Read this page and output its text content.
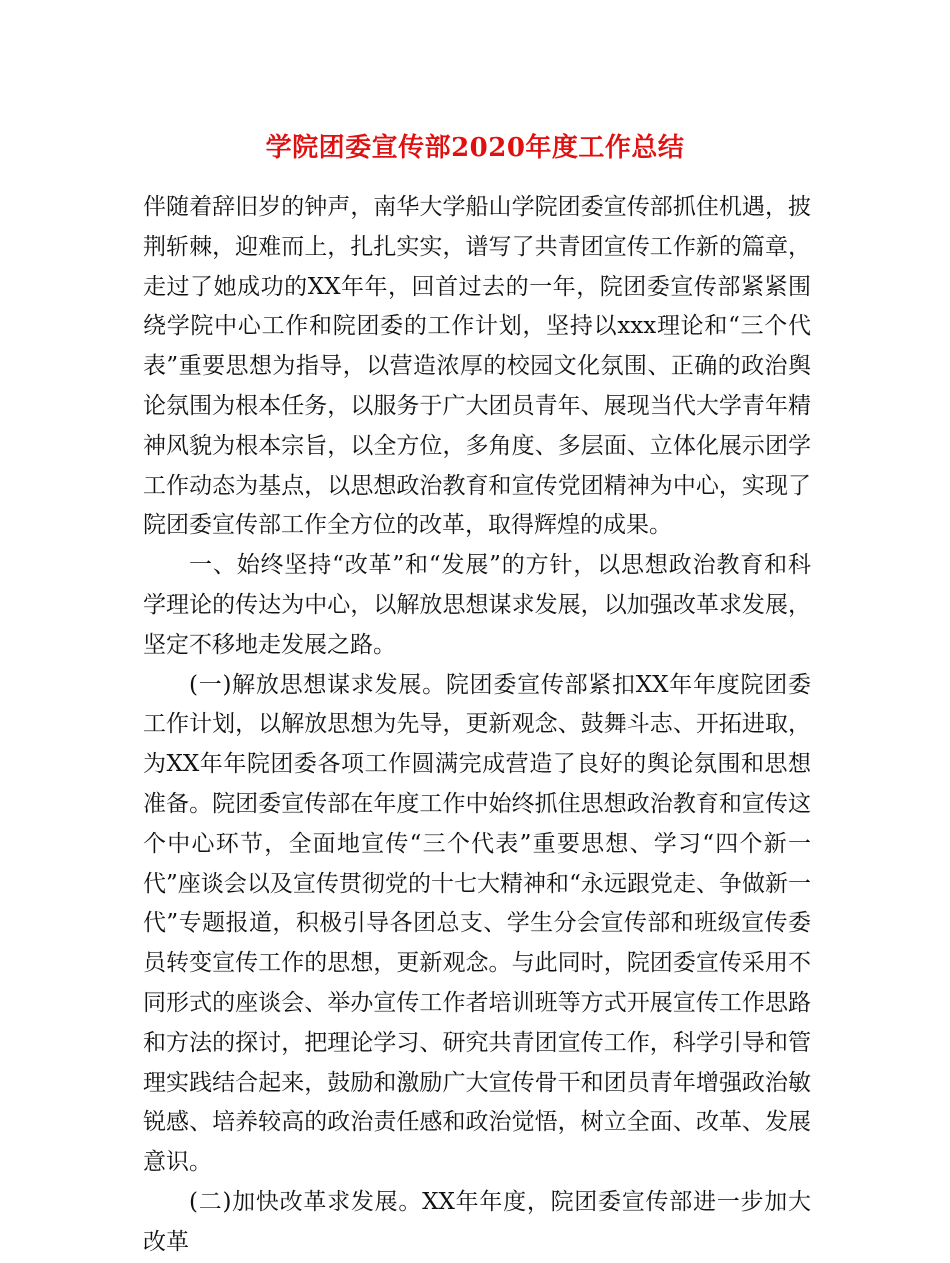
学院团委宣传部2020年度工作总结

伴随着辞旧岁的钟声，南华大学船山学院团委宣传部抓住机遇，披荆斩棘，迎难而上，扎扎实实，谱写了共青团宣传工作新的篇章，走过了她成功的XX年年，回首过去的一年，院团委宣传部紧紧围绕学院中心工作和院团委的工作计划，坚持以xxx理论和“三个代表”重要思想为指导，以营造浓厚的校园文化氛围、正确的政治舆论氛围为根本任务，以服务于广大团员青年、展现当代大学青年精神风貌为根本宗旨，以全方位，多角度、多层面、立体化展示团学工作动态为基点，以思想政治教育和宣传党团精神为中心，实现了院团委宣传部工作全方位的改革，取得辉煌的成果。

一、始终坚持“改革”和“发展”的方针，以思想政治教育和科学理论的传达为中心，以解放思想谋求发展，以加强改革求发展，坚定不移地走发展之路。

(一)解放思想谋求发展。院团委宣传部紧扣XX年年度院团委工作计划，以解放思想为先导，更新观念、鼓舞斗志、开拓进取，为XX年年院团委各项工作圆满完成营造了良好的舆论氛围和思想准备。院团委宣传部在年度工作中始终抓住思想政治教育和宣传这个中心环节，全面地宣传“三个代表”重要思想、学习“四个新一代”座谈会以及宣传贯彻党的十七大精神和“永远跟党走、争做新一代”专题报道，积极引导各团总支、学生分会宣传部和班级宣传委员转变宣传工作的思想，更新观念。与此同时，院团委宣传采用不同形式的座谈会、举办宣传工作者培训班等方式开展宣传工作思路和方法的探讨，把理论学习、研究共青团宣传工作，科学引导和管理实践结合起来，鼓励和激励广大宣传骨干和团员青年增强政治敏锐感、培养较高的政治责任感和政治觉悟，树立全面、改革、发展意识。

(二)加快改革求发展。XX年年度，院团委宣传部进一步加大改革
